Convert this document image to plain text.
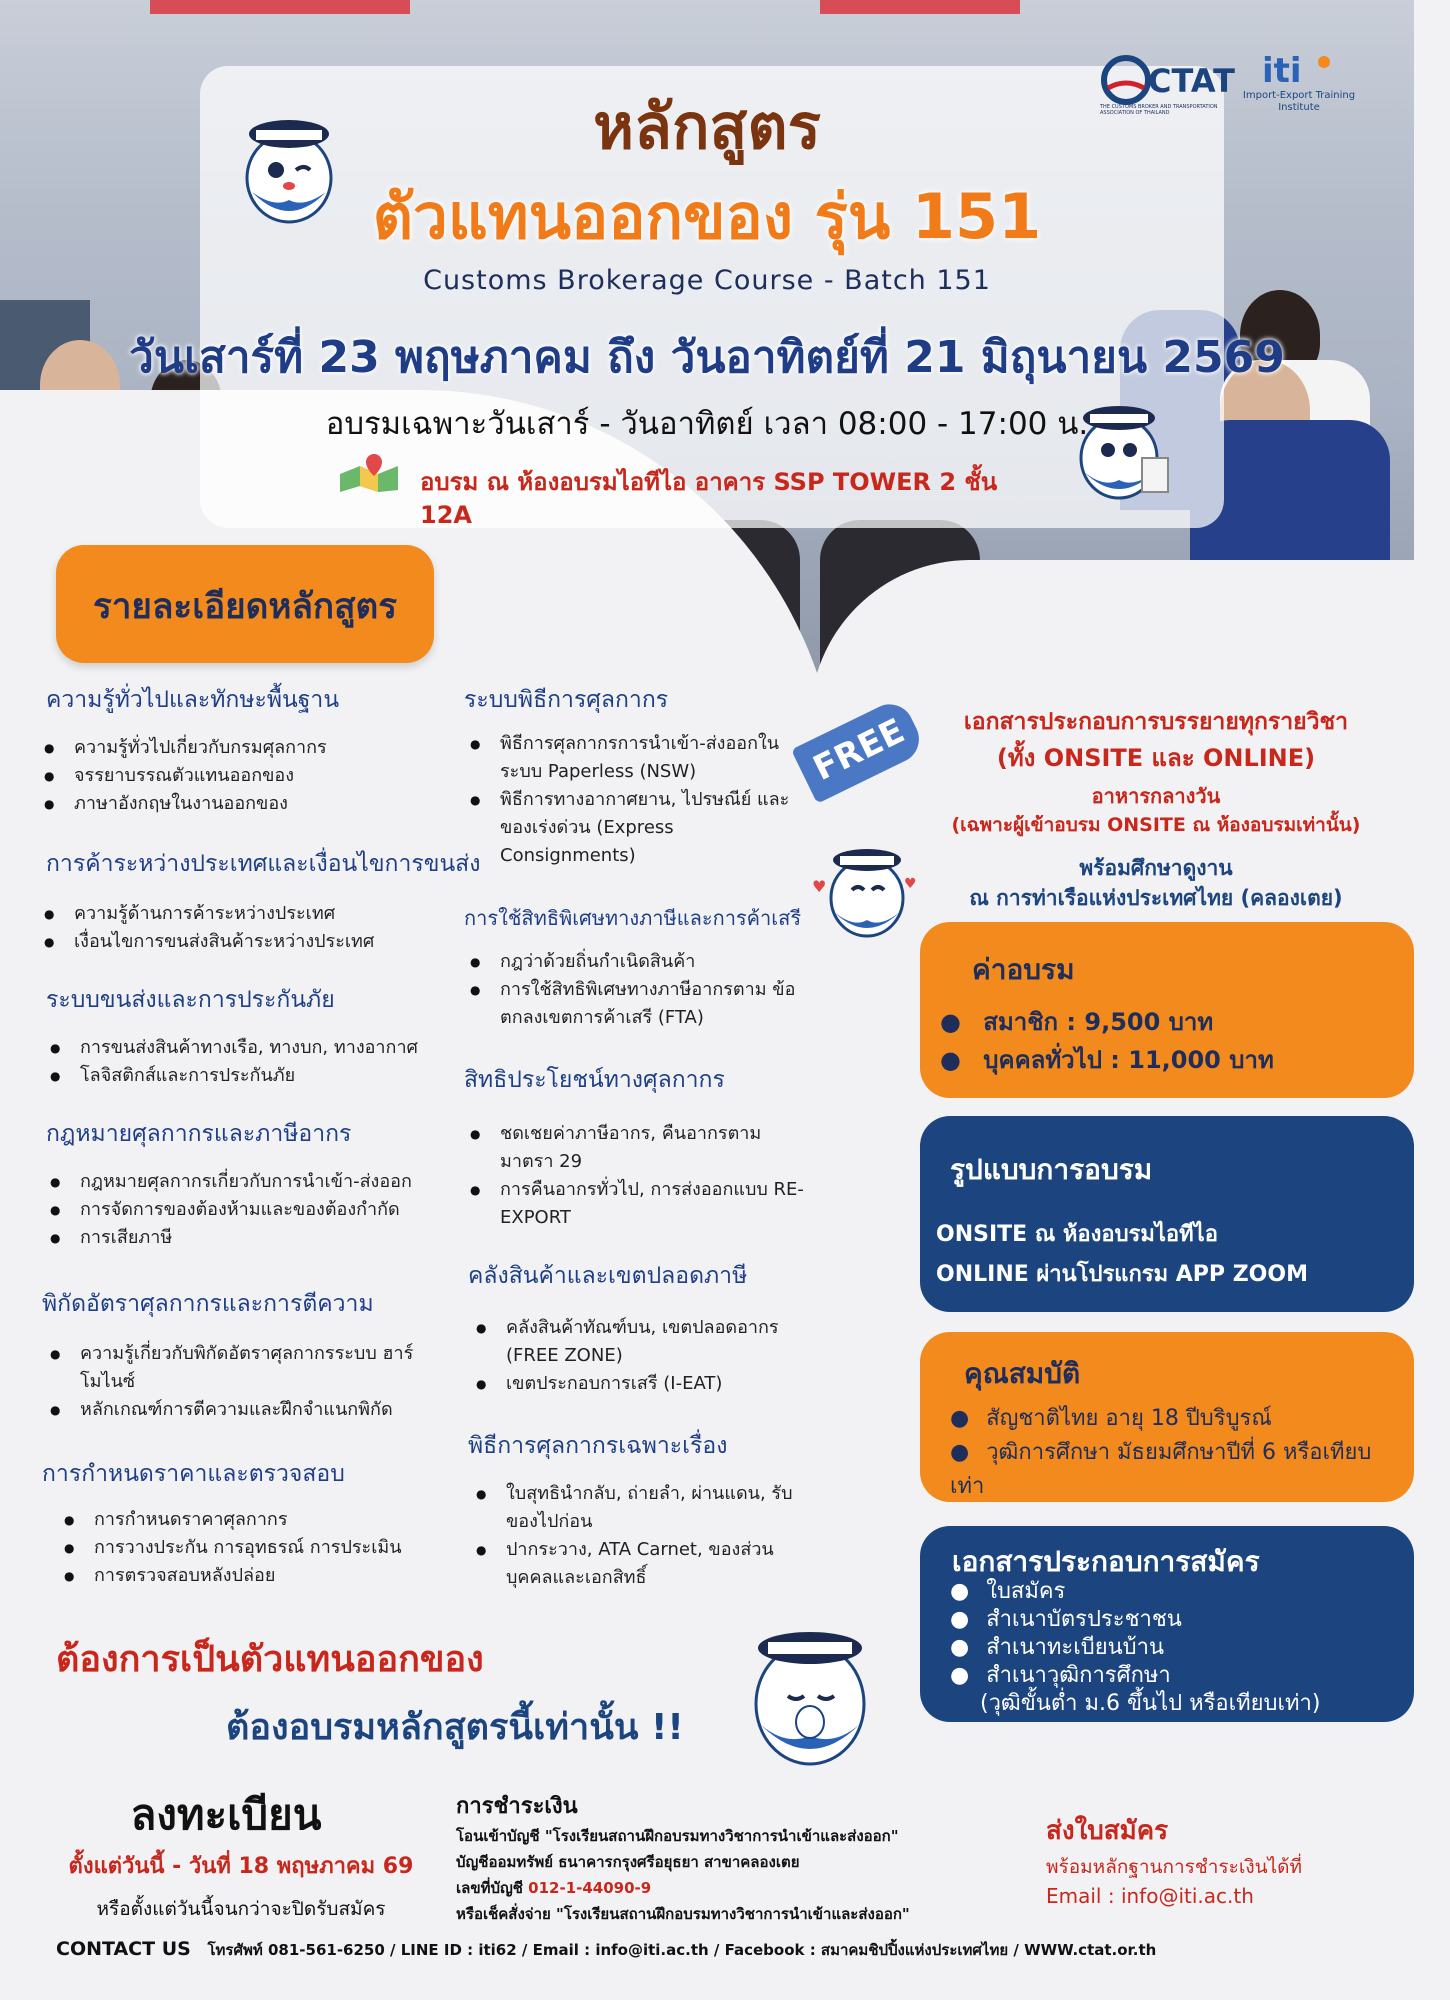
CTAT
THE CUSTOMS BROKER AND TRANSPORTATION ASSOCIATION OF THAILAND
iti
Import-Export Training Institute
หลักสูตร
ตัวแทนออกของ รุ่น 151
Customs Brokerage Course - Batch 151
วันเสาร์ที่ 23 พฤษภาคม ถึง วันอาทิตย์ที่ 21 มิถุนายน 2569
อบรมเฉพาะวันเสาร์ - วันอาทิตย์ เวลา 08:00 - 17:00 น.
อบรม ณ ห้องอบรมไอทีไอ อาคาร SSP TOWER 2 ชั้น 12A
รายละเอียดหลักสูตร
ความรู้ทั่วไปและทักษะพื้นฐาน
● ความรู้ทั่วไปเกี่ยวกับกรมศุลกากร
● จรรยาบรรณตัวแทนออกของ
● ภาษาอังกฤษในงานออกของ
การค้าระหว่างประเทศและเงื่อนไขการขนส่ง
● ความรู้ด้านการค้าระหว่างประเทศ
● เงื่อนไขการขนส่งสินค้าระหว่างประเทศ
ระบบขนส่งและการประกันภัย
● การขนส่งสินค้าทางเรือ, ทางบก, ทางอากาศ
● โลจิสติกส์และการประกันภัย
กฎหมายศุลกากรและภาษีอากร
● กฎหมายศุลกากรเกี่ยวกับการนำเข้า-ส่งออก
● การจัดการของต้องห้ามและของต้องกำกัด
● การเสียภาษี
พิกัดอัตราศุลกากรและการตีความ
● ความรู้เกี่ยวกับพิกัดอัตราศุลกากรระบบ ฮาร์โมไนซ์
● หลักเกณฑ์การตีความและฝึกจำแนกพิกัด
การกำหนดราคาและตรวจสอบ
● การกำหนดราคาศุลกากร
● การวางประกัน การอุทธรณ์ การประเมิน
● การตรวจสอบหลังปล่อย
ระบบพิธีการศุลกากร
● พิธีการศุลกากรการนำเข้า-ส่งออกใน ระบบ Paperless (NSW)
● พิธีการทางอากาศยาน, ไปรษณีย์ และของเร่งด่วน (Express Consignments)
การใช้สิทธิพิเศษทางภาษีและการค้าเสรี
● กฎว่าด้วยถิ่นกำเนิดสินค้า
● การใช้สิทธิพิเศษทางภาษีอากรตาม ข้อตกลงเขตการค้าเสรี (FTA)
สิทธิประโยชน์ทางศุลกากร
● ชดเชยค่าภาษีอากร, คืนอากรตาม มาตรา 29
● การคืนอากรทั่วไป, การส่งออกแบบ RE-EXPORT
คลังสินค้าและเขตปลอดภาษี
● คลังสินค้าทัณฑ์บน, เขตปลอดอากร (FREE ZONE)
● เขตประกอบการเสรี (I-EAT)
พิธีการศุลกากรเฉพาะเรื่อง
● ใบสุทธินำกลับ, ถ่ายลำ, ผ่านแดน, รับ ของไปก่อน
● ปากระวาง, ATA Carnet, ของส่วน บุคคลและเอกสิทธิ์
FREE	เอกสารประกอบการบรรยายทุกรายวิชา
(ทั้ง ONSITE และ ONLINE)
อาหารกลางวัน
(เฉพาะผู้เข้าอบรม ONSITE ณ ห้องอบรมเท่านั้น)
พร้อมศึกษาดูงาน
ณ การท่าเรือแห่งประเทศไทย (คลองเตย)
♥	♥
ค่าอบรม
● สมาชิก : 9,500 บาท
● บุคคลทั่วไป : 11,000 บาท
รูปแบบการอบรม
ONSITE ณ ห้องอบรมไอทีไอ
ONLINE ผ่านโปรแกรม APP ZOOM
คุณสมบัติ
● สัญชาติไทย อายุ 18 ปีบริบูรณ์
● วุฒิการศึกษา มัธยมศึกษาปีที่ 6 หรือเทียบเท่า
เอกสารประกอบการสมัคร
● ใบสมัคร
● สำเนาบัตรประชาชน
● สำเนาทะเบียนบ้าน
● สำเนาวุฒิการศึกษา
(วุฒิขั้นต่ำ ม.6 ขึ้นไป หรือเทียบเท่า)
ต้องการเป็นตัวแทนออกของ
ต้องอบรมหลักสูตรนี้เท่านั้น !!
ลงทะเบียน
ตั้งแต่วันนี้ - วันที่ 18 พฤษภาคม 69
หรือตั้งแต่วันนี้จนกว่าจะปิดรับสมัคร
การชำระเงิน
โอนเข้าบัญชี "โรงเรียนสถานฝึกอบรมทางวิชาการนำเข้าและส่งออก"
บัญชีออมทรัพย์ ธนาคารกรุงศรีอยุธยา สาขาคลองเตย
เลขที่บัญชี 012-1-44090-9
หรือเช็คสั่งจ่าย "โรงเรียนสถานฝึกอบรมทางวิชาการนำเข้าและส่งออก"
ส่งใบสมัคร
พร้อมหลักฐานการชำระเงินได้ที่
Email : info@iti.ac.th
CONTACT US โทรศัพท์ 081-561-6250 / LINE ID : iti62 / Email : info@iti.ac.th / Facebook : สมาคมชิปปิ้งแห่งประเทศไทย / WWW.ctat.or.th
